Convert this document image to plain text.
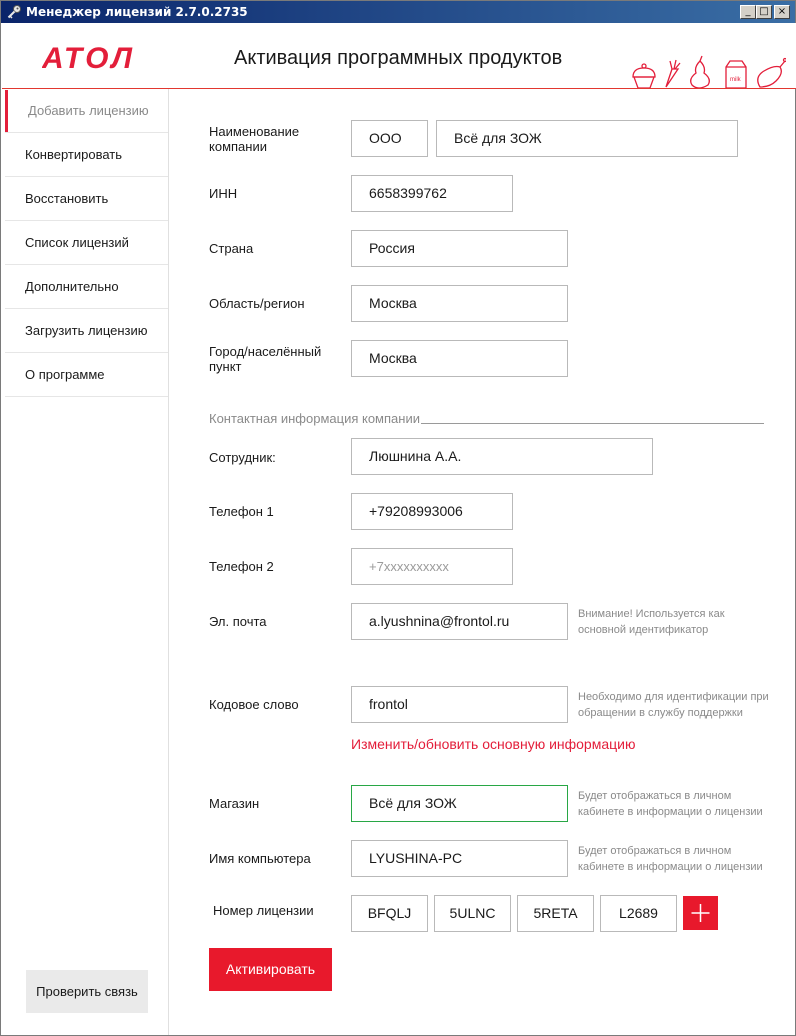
Менеджер лицензий 2.7.0.2735	_ □ ×
АТОЛ	Активация программных продуктов
milk
Добавить лицензию
Конвертировать
Восстановить
Список лицензий
Дополнительно
Загрузить лицензию
О программе
Проверить связь
Наименование компании
ООО	Всё для ЗОЖ
ИНН	6658399762
Страна	Россия
Область/регион	Москва
Город/населённый пункт
Москва
Контактная информация компании
Сотрудник:	Люшнина А.А.
Телефон 1	+79208993006
Телефон 2	+7xxxxxxxxxx
Эл. почта	a.lyushnina@frontol.ru	Внимание! Используется как основной идентификатор
Кодовое слово	frontol	Необходимо для идентификации при обращении в службу поддержки
Изменить/обновить основную информацию
Магазин	Всё для ЗОЖ	Будет отображаться в личном кабинете в информации о лицензии
Имя компьютера	LYUSHINA-PC	Будет отображаться в личном кабинете в информации о лицензии
Номер лицензии	BFQLJ	5ULNC	5RETA	L2689
Активировать
